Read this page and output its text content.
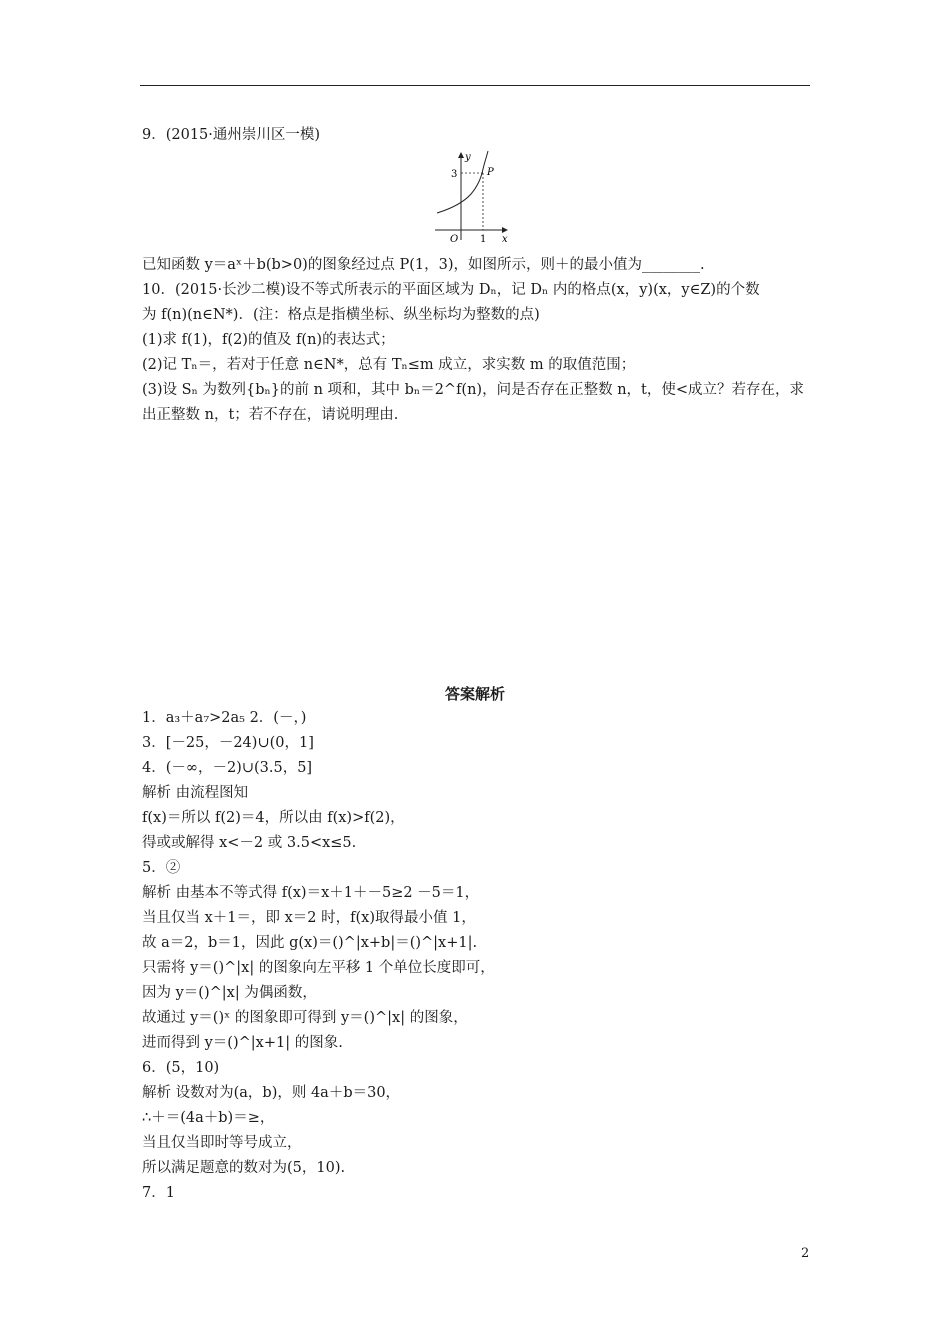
9．(2015·通州崇川区一模)
y
x
O 1
3	P
已知函数 y＝aˣ＋b(b>0)的图象经过点 P(1，3)，如图所示，则＋的最小值为________.
10．(2015·长沙二模)设不等式所表示的平面区域为 Dₙ，记 Dₙ 内的格点(x，y)(x，y∈Z)的个数
为 f(n)(n∈N*)．(注：格点是指横坐标、纵坐标均为整数的点)
(1)求 f(1)，f(2)的值及 f(n)的表达式；
(2)记 Tₙ＝，若对于任意 n∈N*，总有 Tₙ≤m 成立，求实数 m 的取值范围；
(3)设 Sₙ 为数列{bₙ}的前 n 项和，其中 bₙ＝2^f(n)，问是否存在正整数 n，t，使<成立？若存在，求
出正整数 n，t；若不存在，请说明理由.
答案解析
1．a₃＋a₇>2a₅ 2．(－，)
3．[－25，－24)∪(0，1]
4．(－∞，－2)∪(3.5，5]
解析 由流程图知
f(x)＝所以 f(2)＝4，所以由 f(x)>f(2)，
得或或解得 x<－2 或 3.5<x≤5.
5．②
解析 由基本不等式得 f(x)＝x＋1＋－5≥2 －5＝1，
当且仅当 x＋1＝，即 x＝2 时，f(x)取得最小值 1，
故 a＝2，b＝1，因此 g(x)＝()^|x+b|＝()^|x+1|.
只需将 y＝()^|x| 的图象向左平移 1 个单位长度即可，
因为 y＝()^|x| 为偶函数，
故通过 y＝()ˣ 的图象即可得到 y＝()^|x| 的图象，
进而得到 y＝()^|x+1| 的图象.
6．(5，10)
解析 设数对为(a，b)，则 4a＋b＝30，
∴＋＝(4a＋b)＝≥，
当且仅当即时等号成立，
所以满足题意的数对为(5，10).
7．1
2
